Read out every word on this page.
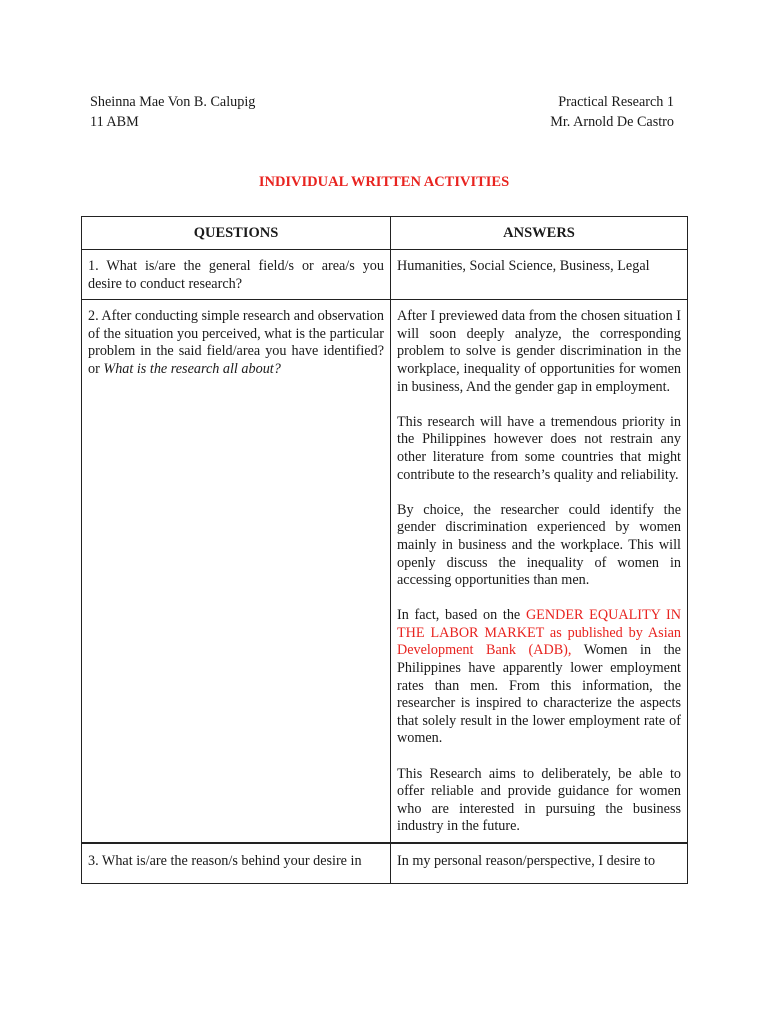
Sheinna Mae Von B. Calupig
11 ABM
Practical Research 1
Mr. Arnold De Castro
INDIVIDUAL WRITTEN ACTIVITIES
QUESTIONS	ANSWERS
1. What is/are the general field/s or area/s you desire to conduct research?	Humanities, Social Science, Business, Legal
2. After conducting simple research and observation of the situation you perceived, what is the particular problem in the said field/area you have identified? or What is the research all about?	After I previewed data from the chosen situation I will soon deeply analyze, the corresponding problem to solve is gender discrimination in the workplace, inequality of opportunities for women in business, And the gender gap in employment.

This research will have a tremendous priority in the Philippines however does not restrain any other literature from some countries that might contribute to the research’s quality and reliability.

By choice, the researcher could identify the gender discrimination experienced by women mainly in business and the workplace. This will openly discuss the inequality of women in accessing opportunities than men.

In fact, based on the GENDER EQUALITY IN THE LABOR MARKET as published by Asian Development Bank (ADB), Women in the Philippines have apparently lower employment rates than men. From this information, the researcher is inspired to characterize the aspects that solely result in the lower employment rate of women.

This Research aims to deliberately, be able to offer reliable and provide guidance for women who are interested in pursuing the business industry in the future.

3. What is/are the reason/s behind your desire in	In my personal reason/perspective, I desire to
